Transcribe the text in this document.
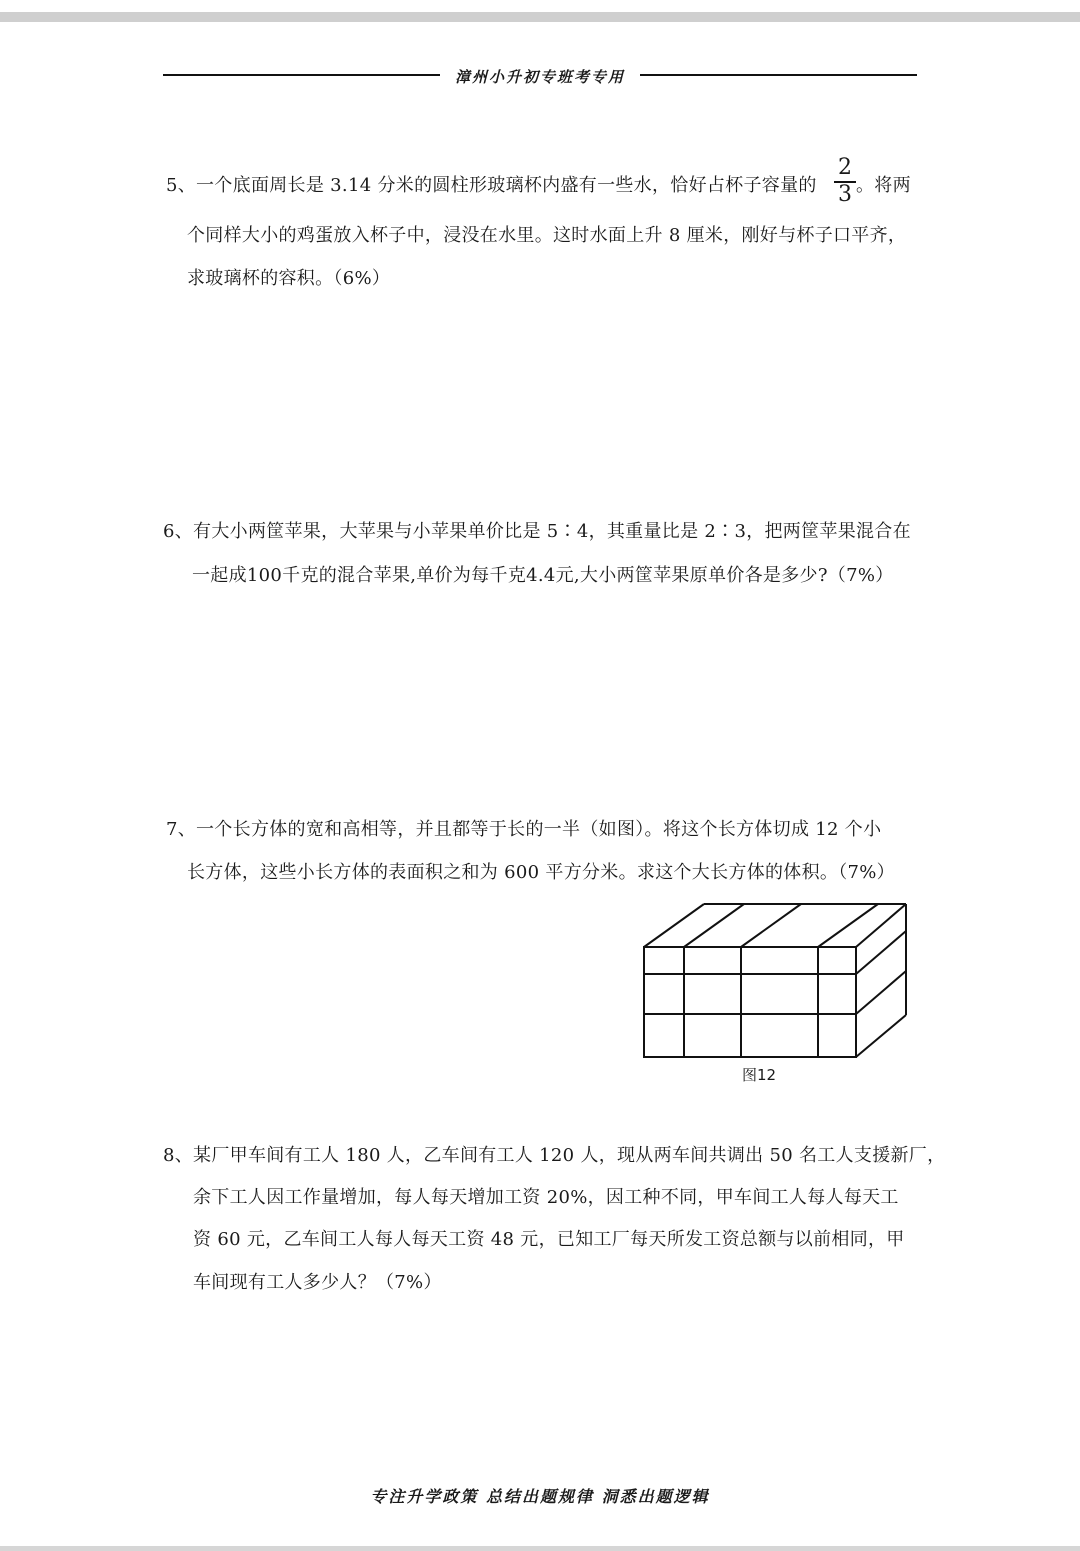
漳州小升初专班考专用
5、一个底面周长是 3.14 分米的圆柱形玻璃杯内盛有一些水，恰好占杯子容量的
2
3 。将两
个同样大小的鸡蛋放入杯子中，浸没在水里。这时水面上升 8 厘米，刚好与杯子口平齐，
求玻璃杯的容积。（6%）
6、有大小两筐苹果，大苹果与小苹果单价比是 5∶4，其重量比是 2∶3，把两筐苹果混合在
一起成100千克的混合苹果,单价为每千克4.4元,大小两筐苹果原单价各是多少?（7%）
7、一个长方体的宽和高相等，并且都等于长的一半（如图）。将这个长方体切成 12 个小
长方体，这些小长方体的表面积之和为 600 平方分米。求这个大长方体的体积。（7%）
图12
8、某厂甲车间有工人 180 人，乙车间有工人 120 人，现从两车间共调出 50 名工人支援新厂，
余下工人因工作量增加，每人每天增加工资 20%，因工种不同，甲车间工人每人每天工
资 60 元，乙车间工人每人每天工资 48 元，已知工厂每天所发工资总额与以前相同，甲
车间现有工人多少人？（7%）
专注升学政策 总结出题规律 洞悉出题逻辑
